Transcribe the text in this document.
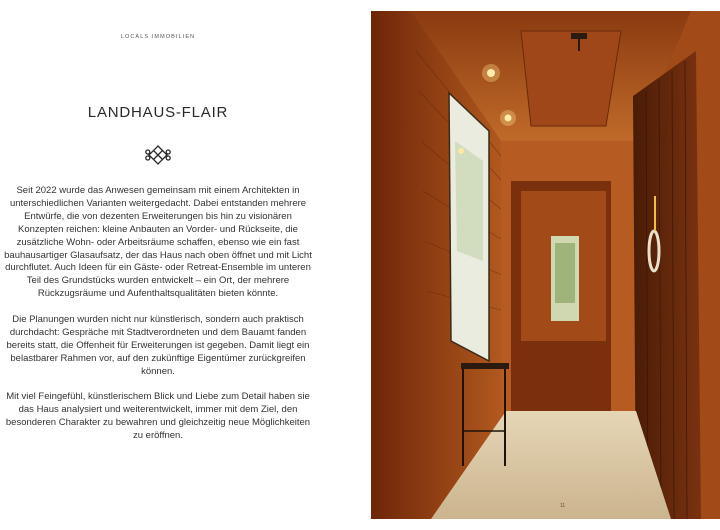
LOCALS IMMOBILIEN
LANDHAUS-FLAIR

Seit 2022 wurde das Anwesen gemeinsam mit einem Architekten in unterschiedlichen Varianten weitergedacht. Dabei entstanden mehrere Entwürfe, die von dezenten Erweiterungen bis hin zu visionären Konzepten reichen: kleine Anbauten an Vorder- und Rückseite, die zusätzliche Wohn- oder Arbeitsräume schaffen, ebenso wie ein fast bauhausartiger Glasaufsatz, der das Haus nach oben öffnet und mit Licht durchflutet. Auch Ideen für ein Gäste- oder Retreat-Ensemble im unteren Teil des Grundstücks wurden entwickelt – ein Ort, der mehrere Rückzugsräume und Aufenthaltsqualitäten bieten könnte.

Die Planungen wurden nicht nur künstlerisch, sondern auch praktisch durchdacht: Gespräche mit Stadtverordneten und dem Bauamt fanden bereits statt, die Offenheit für Erweiterungen ist gegeben. Damit liegt ein belastbarer Rahmen vor, auf den zukünftige Eigentümer zurückgreifen können.

Mit viel Feingefühl, künstlerischem Blick und Liebe zum Detail haben sie das Haus analysiert und weiterentwickelt, immer mit dem Ziel, den besonderen Charakter zu bewahren und gleichzeitig neue Möglichkeiten zu eröffnen.

11
